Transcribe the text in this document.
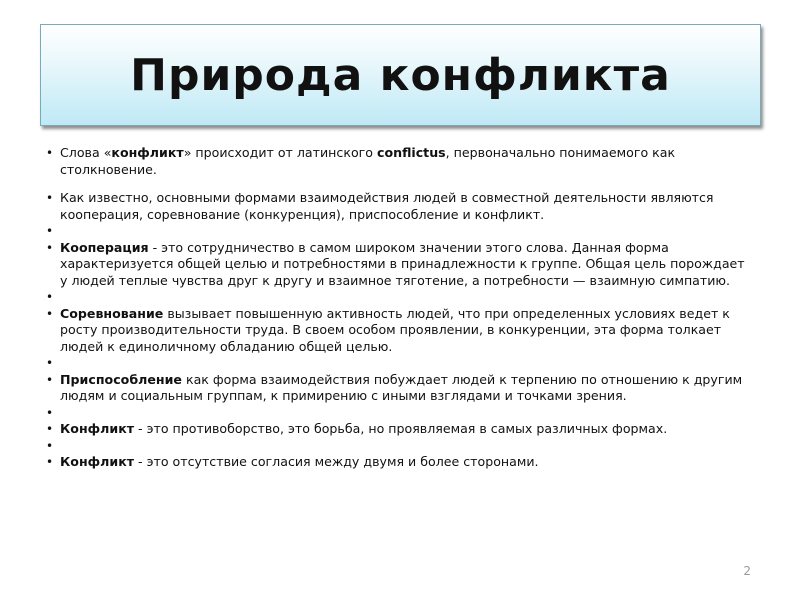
Природа конфликта
• Слова «конфликт» происходит от латинского conflictus, первоначально понимаемого как столкновение.
• Как известно, основными формами взаимодействия людей в совместной деятельности являются кооперация, соревнование (конкуренция), приспособление и конфликт.
•
• Кооперация - это сотрудничество в самом широком значении этого слова. Данная форма характеризуется общей целью и потребностями в принадлежности к группе. Общая цель порождает у людей теплые чувства друг к другу и взаимное тяготение, а потребности — взаимную симпатию.
•
• Соревнование вызывает повышенную активность людей, что при определенных условиях ведет к росту производительности труда. В своем особом проявлении, в конкуренции, эта форма толкает людей к единоличному обладанию общей целью.
•
• Приспособление как форма взаимодействия побуждает людей к терпению по отношению к другим людям и социальным группам, к примирению с иными взглядами и точками зрения.
•
• Конфликт - это противоборство, это борьба, но проявляемая в самых различных формах.
•
• Конфликт - это отсутствие согласия между двумя и более сторонами.
2
